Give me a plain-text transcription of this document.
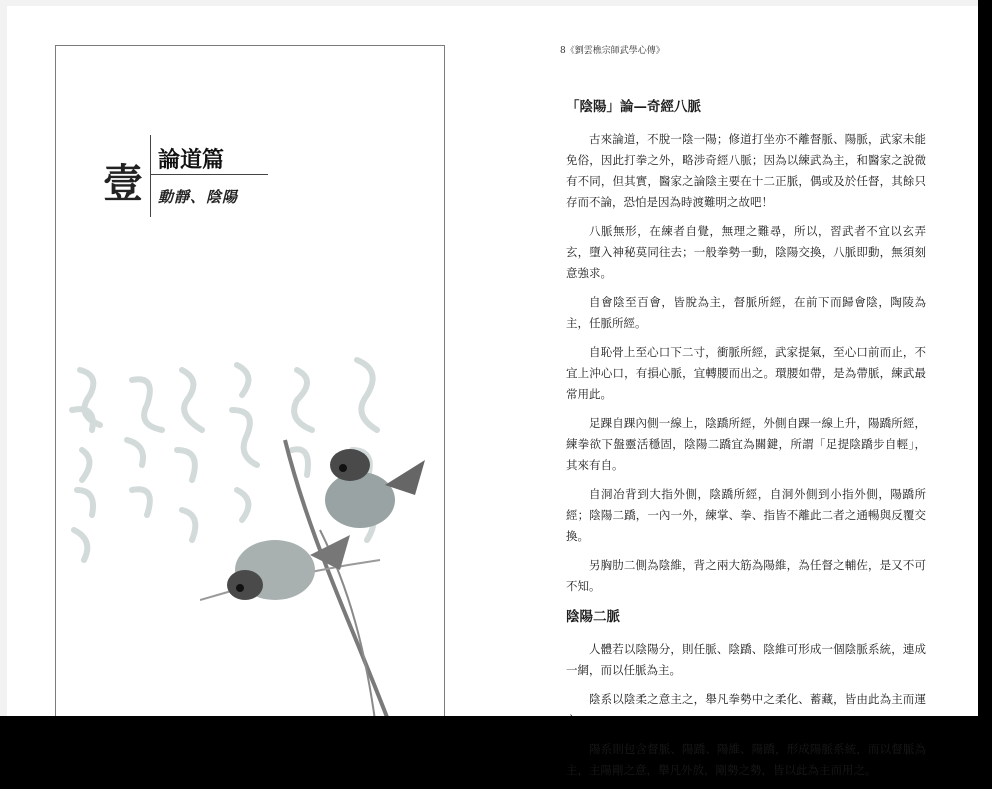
壹 論道篇
動靜、陰陽
8《劉雲樵宗師武學心傳》
「陰陽」論—奇經八脈

古來論道，不脫一陰一陽；修道打坐亦不離督脈、陽脈，武家未能免俗，因此打拳之外，略涉奇經八脈；因為以練武為主，和醫家之說微有不同，但其實，醫家之論陰主要在十二正脈，偶或及於任督，其餘只存而不論，恐怕是因為時渡難明之故吧！

八脈無形，在練者自覺，無理之難尋，所以，習武者不宜以玄弄玄，墮入神秘莫同往去；一般拳勢一動，陰陽交換，八脈即動，無須刻意強求。

自會陰至百會，皆脫為主，督脈所經，在前下而歸會陰，陶陵為主，任脈所經。

自恥骨上至心口下二寸，衝脈所經，武家提氣，至心口前而止，不宜上沖心口，有損心脈，宜轉腰而出之。環腰如帶，是為帶脈，練武最常用此。

足踝自踝內側一線上，陰蹻所經，外側自踝一線上升，陽蹻所經，練拳欲下盤靈活穩固，陰陽二蹻宜為關鍵，所謂「足提陰蹻步自輕」，其來有自。

自洞冶背到大指外側，陰蹻所經，自洞外側到小指外側，陽蹻所經；陰陽二蹻，一內一外，練掌、拳、指皆不離此二者之通暢與反覆交換。

另胸肋二側為陰維，背之兩大筋為陽維，為任督之輔佐，是又不可不知。

陰陽二脈

人體若以陰陽分，則任脈、陰蹻、陰維可形成一個陰脈系統，連成一網，而以任脈為主。

陰系以陰柔之意主之，舉凡拳勢中之柔化、蓄藏，皆由此為主而運

陽系則包含督脈、陽蹻、陽維、陽蹻，形成陽脈系統，而以督脈為主，主陽剛之意，舉凡外放，剛勢之勢，皆以此為主而用之。
